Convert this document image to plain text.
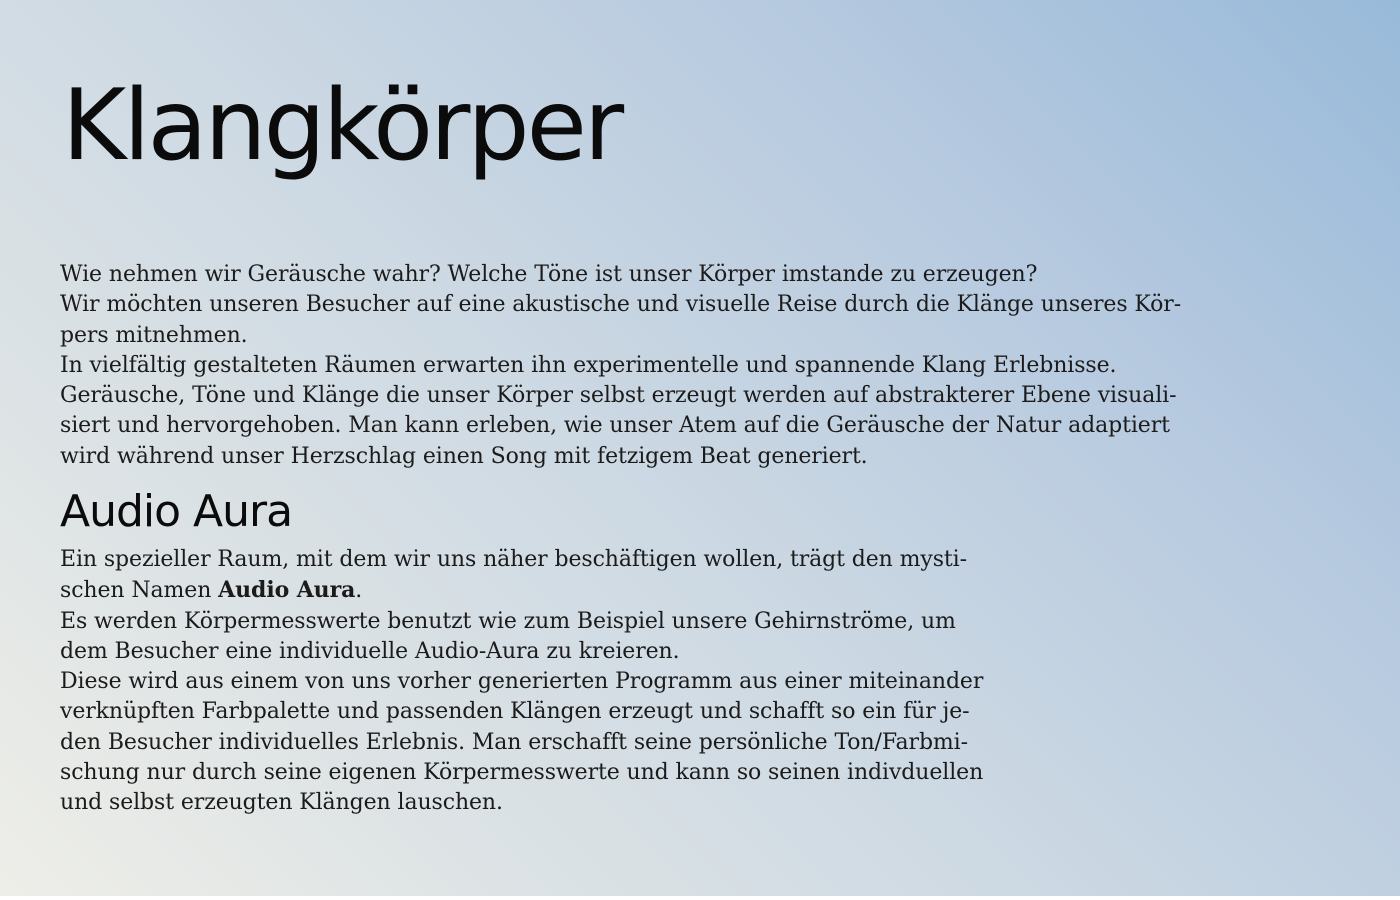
Klangkörper
Wie nehmen wir Geräusche wahr? Welche Töne ist unser Körper imstande zu erzeugen?
Wir möchten unseren Besucher auf eine akustische und visuelle Reise durch die Klänge unseres Kör-
pers mitnehmen.
In vielfältig gestalteten Räumen erwarten ihn experimentelle und spannende Klang Erlebnisse.
Geräusche, Töne und Klänge die unser Körper selbst erzeugt werden auf abstrakterer Ebene visuali-
siert und hervorgehoben. Man kann erleben, wie unser Atem auf die Geräusche der Natur adaptiert
wird während unser Herzschlag einen Song mit fetzigem Beat generiert.
Audio Aura
Ein spezieller Raum, mit dem wir uns näher beschäftigen wollen, trägt den mysti-
schen Namen Audio Aura.
Es werden Körpermesswerte benutzt wie zum Beispiel unsere Gehirnströme, um
dem Besucher eine individuelle Audio-Aura zu kreieren.
Diese wird aus einem von uns vorher generierten Programm aus einer miteinander
verknüpften Farbpalette und passenden Klängen erzeugt und schafft so ein für je-
den Besucher individuelles Erlebnis. Man erschafft seine persönliche Ton/Farbmi-
schung nur durch seine eigenen Körpermesswerte und kann so seinen indivduellen
und selbst erzeugten Klängen lauschen.
